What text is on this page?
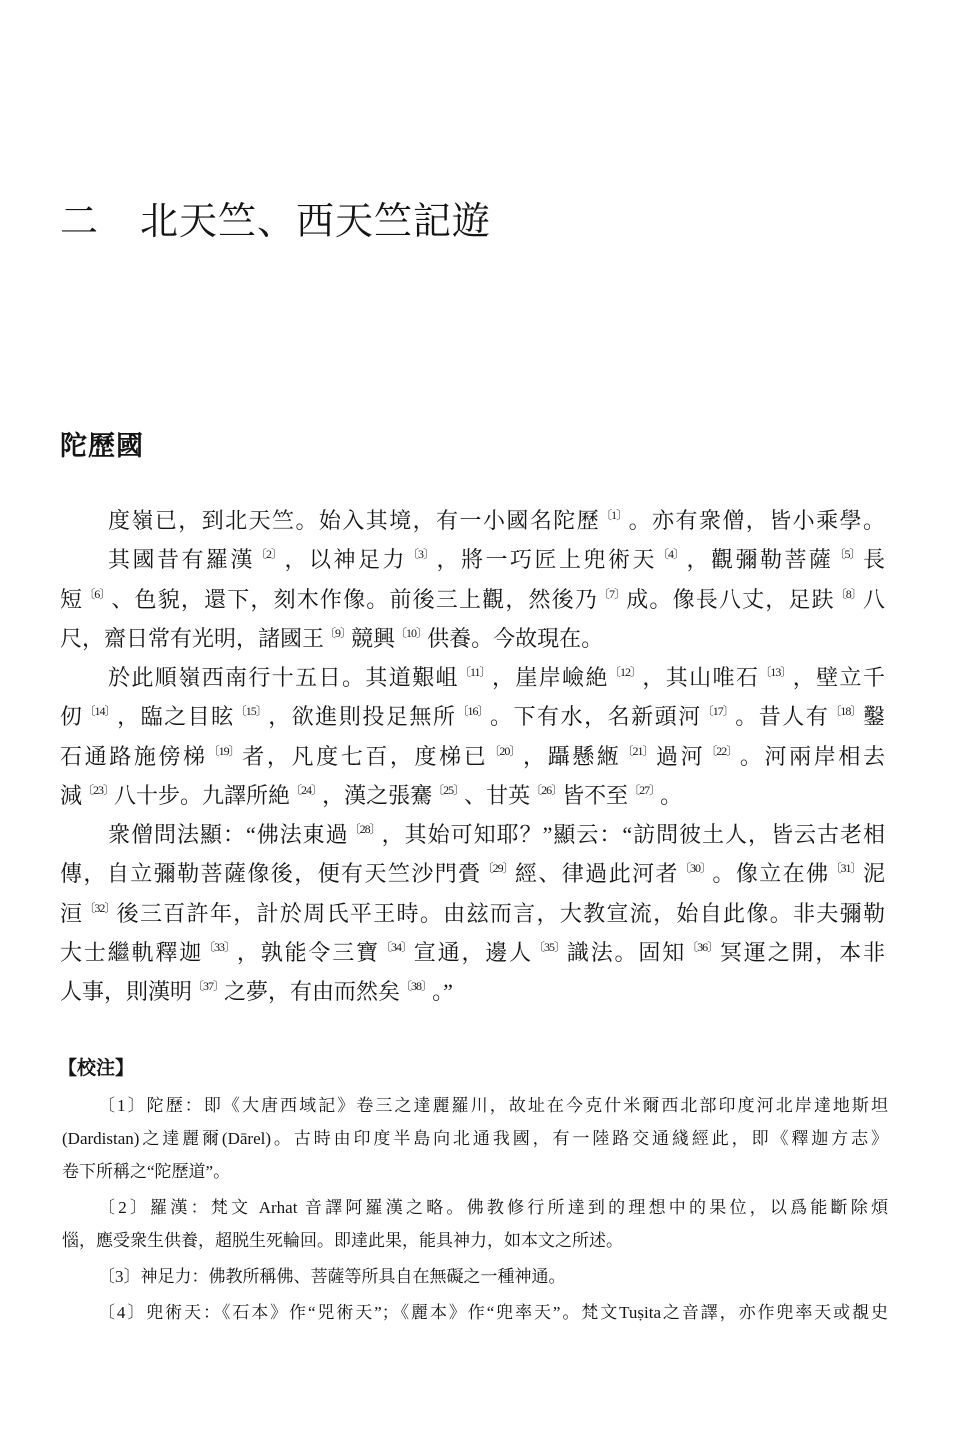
二 北天竺、西天竺記遊
陀歷國
度嶺已，到北天竺。始入其境，有一小國名陀歷〔1〕。亦有衆僧，皆小乘學。
其國昔有羅漢〔2〕，以神足力〔3〕，將一巧匠上兜術天〔4〕，觀彌勒菩薩〔5〕長
短〔6〕、色貌，還下，刻木作像。前後三上觀，然後乃〔7〕成。像長八丈，足趺〔8〕八
尺，齋日常有光明，諸國王〔9〕競興〔10〕供養。今故現在。
於此順嶺西南行十五日。其道艱岨〔11〕，崖岸嶮絶〔12〕，其山唯石〔13〕，壁立千
仞〔14〕，臨之目眩〔15〕，欲進則投足無所〔16〕。下有水，名新頭河〔17〕。昔人有〔18〕鑿
石通路施傍梯〔19〕者，凡度七百，度梯已〔20〕，躡懸緪〔21〕過河〔22〕。河兩岸相去
減〔23〕八十步。九譯所絶〔24〕，漢之張騫〔25〕、甘英〔26〕皆不至〔27〕。
衆僧問法顯：“佛法東過〔28〕，其始可知耶？”顯云：“訪問彼土人，皆云古老相
傳，自立彌勒菩薩像後，便有天竺沙門賫〔29〕經、律過此河者〔30〕。像立在佛〔31〕泥
洹〔32〕後三百許年，計於周氏平王時。由玆而言，大教宣流，始自此像。非夫彌勒
大士繼軌釋迦〔33〕，孰能令三寶〔34〕宣通，邊人〔35〕識法。固知〔36〕冥運之開，本非
人事，則漢明〔37〕之夢，有由而然矣〔38〕。”
【校注】
〔1〕陀歷：即《大唐西域記》卷三之達麗羅川，故址在今克什米爾西北部印度河北岸達地斯坦
(Dardistan)之達麗爾(Dārel)。古時由印度半島向北通我國，有一陸路交通綫經此，即《釋迦方志》
卷下所稱之“陀歷道”。
〔2〕羅漢：梵文 Arhat 音譯阿羅漢之略。佛教修行所達到的理想中的果位，以爲能斷除煩
惱，應受衆生供養，超脱生死輪回。即達此果，能具神力，如本文之所述。
〔3〕神足力：佛教所稱佛、菩薩等所具自在無礙之一種神通。
〔4〕兜術天：《石本》作“兕術天”；《麗本》作“兜率天”。梵文Tuṣita之音譯，亦作兜率天或覩史
